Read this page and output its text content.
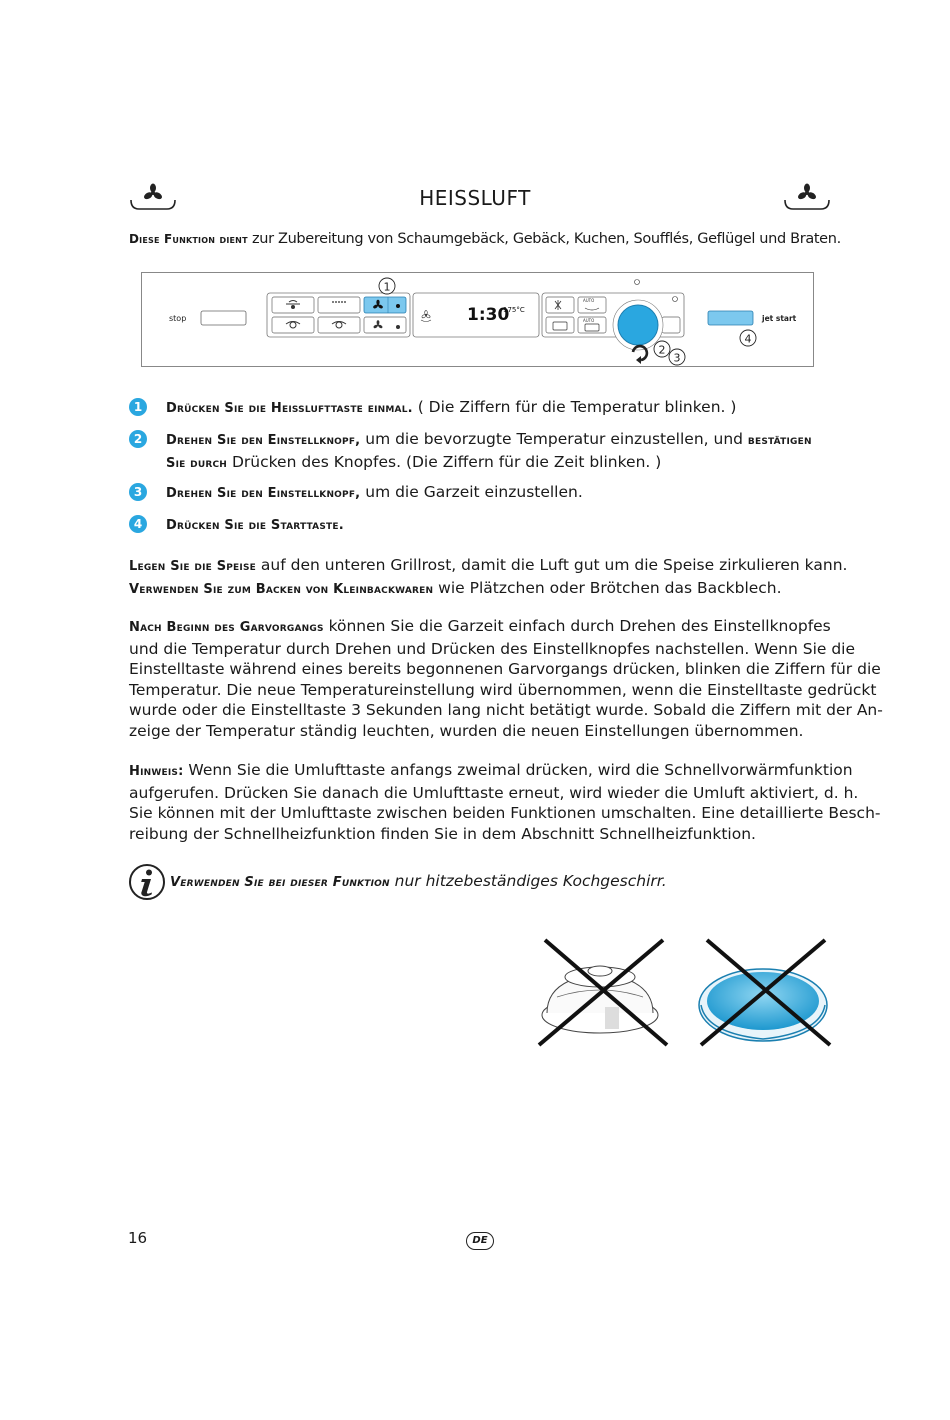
HEISSLUFT
Diese Funktion dient zur Zubereitung von Schaumgebäck, Gebäck, Kuchen, Soufflés, Geflügel und Braten.
stop
1
1:30
175°C
AUTO
AUTO
2
3
jet start
4
1	Drücken Sie die Heisslufttaste einmal. ( Die Ziffern für die Temperatur blinken. )
2	Drehen Sie den Einstellknopf, um die bevorzugte Temperatur einzustellen, und bestätigen Sie durch Drücken des Knopfes. (Die Ziffern für die Zeit blinken. )
3	Drehen Sie den Einstellknopf, um die Garzeit einzustellen.
4	Drücken Sie die Starttaste.
Legen Sie die Speise auf den unteren Grillrost, damit die Luft gut um die Speise zirkulieren kann.
Verwenden Sie zum Backen von Kleinbackwaren wie Plätzchen oder Brötchen das Backblech.
Nach Beginn des Garvorgangs können Sie die Garzeit einfach durch Drehen des Einstellknopfes
und die Temperatur durch Drehen und Drücken des Einstellknopfes nachstellen. Wenn Sie die
Einstelltaste während eines bereits begonnenen Garvorgangs drücken, blinken die Ziffern für die
Temperatur. Die neue Temperatureinstellung wird übernommen, wenn die Einstelltaste gedrückt
wurde oder die Einstelltaste 3 Sekunden lang nicht betätigt wurde. Sobald die Ziffern mit der An-
zeige der Temperatur ständig leuchten, wurden die neuen Einstellungen übernommen.
Hinweis: Wenn Sie die Umlufttaste anfangs zweimal drücken, wird die Schnellvorwärmfunktion
aufgerufen. Drücken Sie danach die Umlufttaste erneut, wird wieder die Umluft aktiviert, d. h.
Sie können mit der Umlufttaste zwischen beiden Funktionen umschalten. Eine detaillierte Besch-
reibung der Schnellheizfunktion finden Sie in dem Abschnitt Schnellheizfunktion.
Verwenden Sie bei dieser Funktion nur hitzebeständiges Kochgeschirr.
16	DE
